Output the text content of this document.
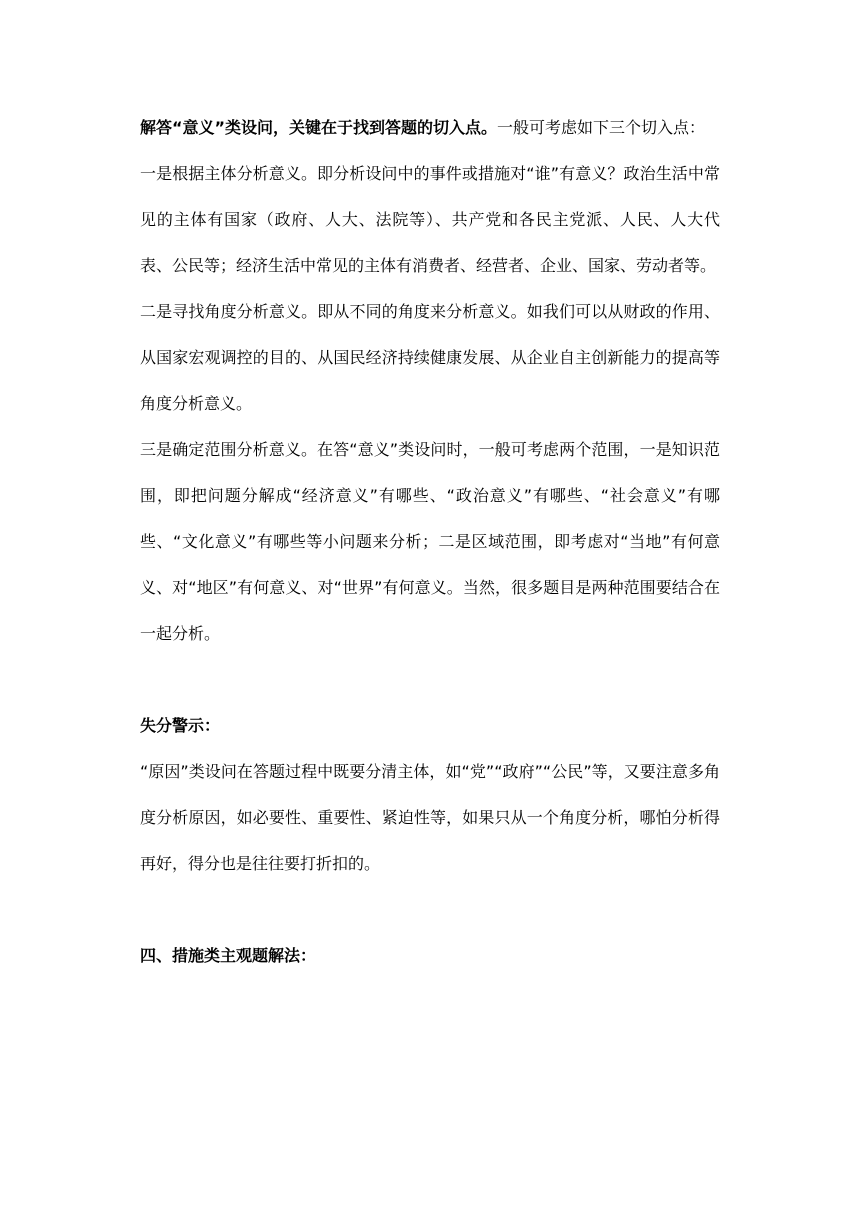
解答“意义”类设问，关键在于找到答题的切入点。一般可考虑如下三个切入点：

一是根据主体分析意义。即分析设问中的事件或措施对“谁”有意义？政治生活中常见的主体有国家（政府、人大、法院等）、共产党和各民主党派、人民、人大代表、公民等；经济生活中常见的主体有消费者、经营者、企业、国家、劳动者等。

二是寻找角度分析意义。即从不同的角度来分析意义。如我们可以从财政的作用、从国家宏观调控的目的、从国民经济持续健康发展、从企业自主创新能力的提高等角度分析意义。

三是确定范围分析意义。在答“意义”类设问时，一般可考虑两个范围，一是知识范围，即把问题分解成“经济意义”有哪些、“政治意义”有哪些、“社会意义”有哪些、“文化意义”有哪些等小问题来分析；二是区域范围，即考虑对“当地”有何意义、对“地区”有何意义、对“世界”有何意义。当然，很多题目是两种范围要结合在一起分析。

失分警示：

“原因”类设问在答题过程中既要分清主体，如“党”“政府”“公民”等，又要注意多角度分析原因，如必要性、重要性、紧迫性等，如果只从一个角度分析，哪怕分析得再好，得分也是往往要打折扣的。

四、措施类主观题解法：
